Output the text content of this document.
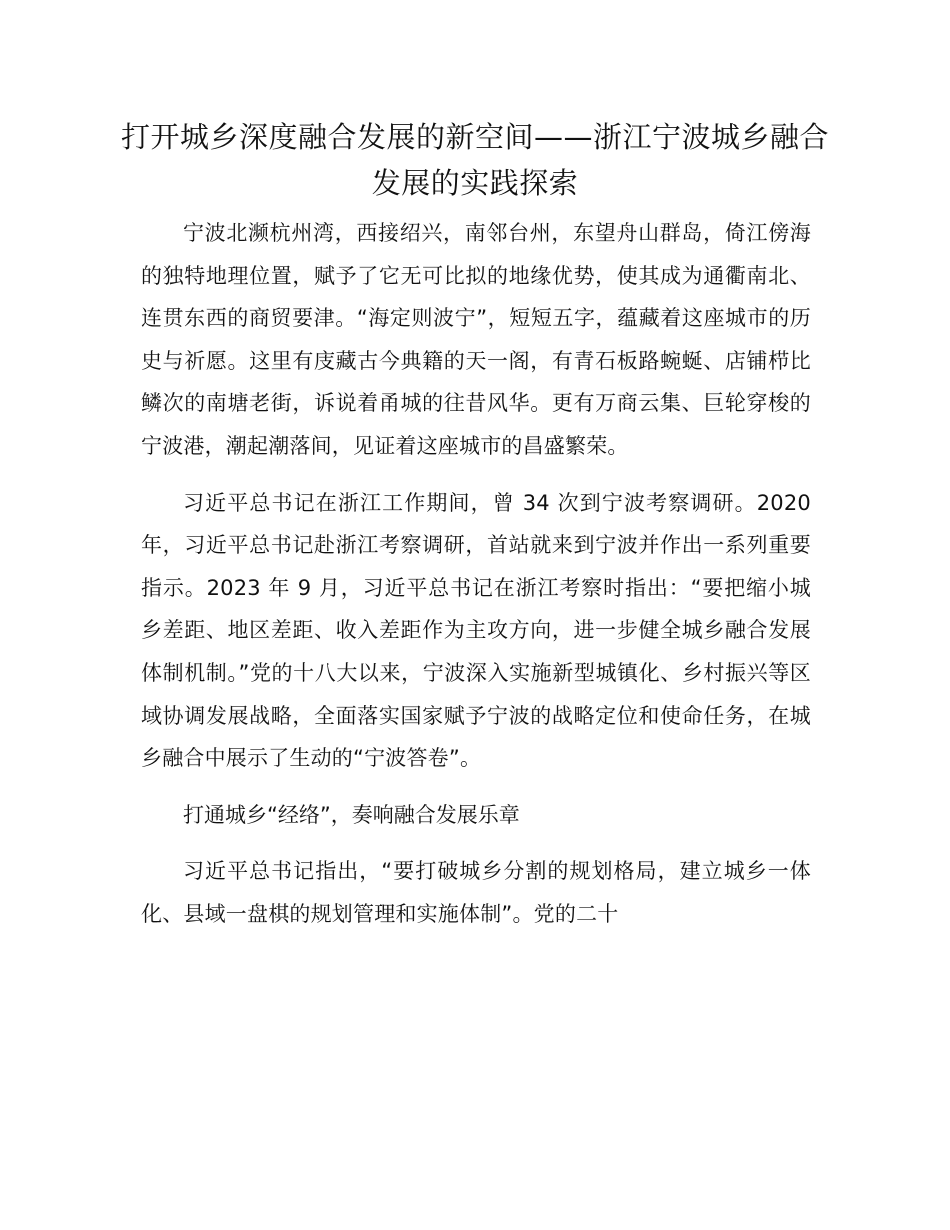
打开城乡深度融合发展的新空间——浙江宁波城乡融合发展的实践探索

宁波北濒杭州湾，西接绍兴，南邻台州，东望舟山群岛，倚江傍海的独特地理位置，赋予了它无可比拟的地缘优势，使其成为通衢南北、连贯东西的商贸要津。“海定则波宁”，短短五字，蕴藏着这座城市的历史与祈愿。这里有庋藏古今典籍的天一阁，有青石板路蜿蜒、店铺栉比鳞次的南塘老街，诉说着甬城的往昔风华。更有万商云集、巨轮穿梭的宁波港，潮起潮落间，见证着这座城市的昌盛繁荣。

习近平总书记在浙江工作期间，曾 34 次到宁波考察调研。2020 年，习近平总书记赴浙江考察调研，首站就来到宁波并作出一系列重要指示。2023 年 9 月，习近平总书记在浙江考察时指出：“要把缩小城乡差距、地区差距、收入差距作为主攻方向，进一步健全城乡融合发展体制机制。”党的十八大以来，宁波深入实施新型城镇化、乡村振兴等区域协调发展战略，全面落实国家赋予宁波的战略定位和使命任务，在城乡融合中展示了生动的“宁波答卷”。

打通城乡“经络”，奏响融合发展乐章

习近平总书记指出，“要打破城乡分割的规划格局，建立城乡一体化、县域一盘棋的规划管理和实施体制”。党的二十
